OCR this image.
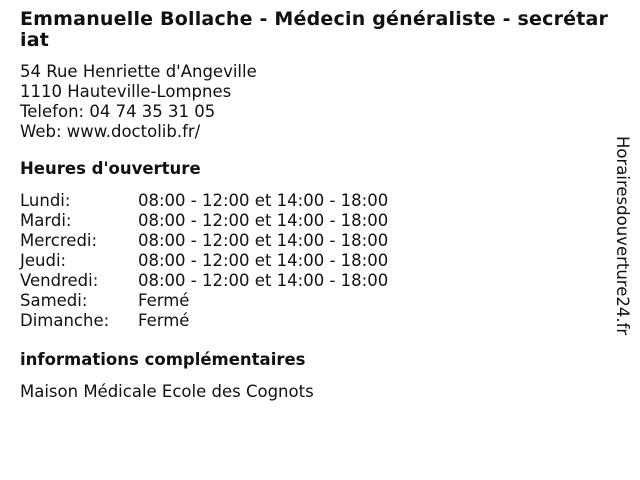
Emmanuelle Bollache - Médecin généraliste - secrétariat

54 Rue Henriette d'Angeville

1110 Hauteville-Lompnes

Telefon: 04 74 35 31 05

Web: www.doctolib.fr/

Heures d'ouverture
Lundi:	08:00 - 12:00 et 14:00 - 18:00
Mardi:	08:00 - 12:00 et 14:00 - 18:00
Mercredi:	08:00 - 12:00 et 14:00 - 18:00
Jeudi:	08:00 - 12:00 et 14:00 - 18:00
Vendredi:	08:00 - 12:00 et 14:00 - 18:00
Samedi:	Fermé
Dimanche:	Fermé
informations complémentaires

Maison Médicale Ecole des Cognots

Horairesdouverture24.fr
